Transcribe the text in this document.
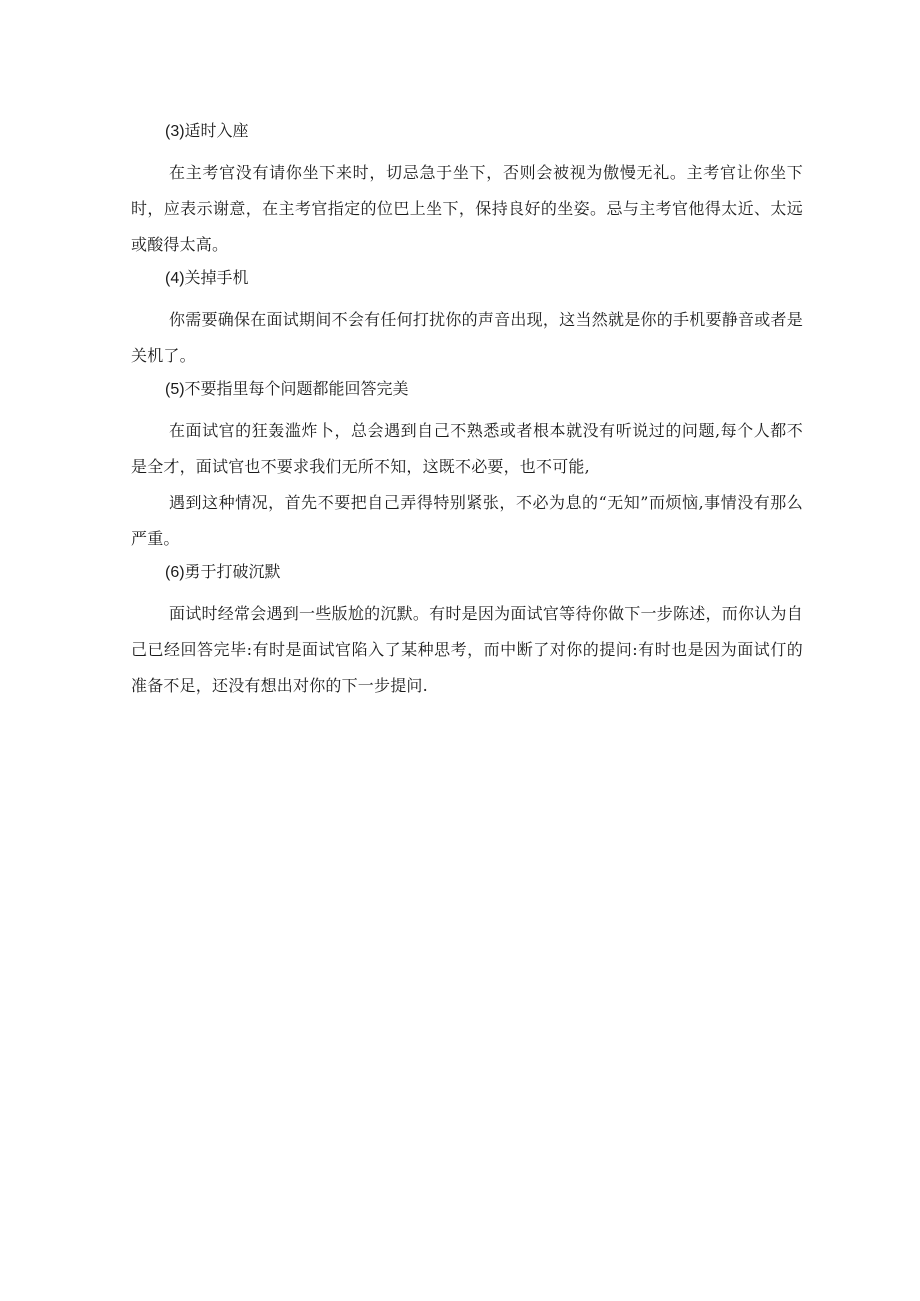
(3)适时入座

在主考官没有请你坐下来时，切忌急于坐下，否则会被视为傲慢无礼。主考官让你坐下时，应表示谢意，在主考官指定的位巴上坐下，保持良好的坐姿。忌与主考官他得太近、太远或酸得太高。

(4)关掉手机

你需要确保在面试期间不会有任何打扰你的声音出现，这当然就是你的手机要静音或者是关机了。

(5)不要指里每个问题都能回答完美

在面试官的狂轰滥炸卜，总会遇到自己不熟悉或者根本就没有听说过的问题,每个人都不是全才，面试官也不要求我们无所不知，这既不必要，也不可能,

遇到这种情况，首先不要把自己弄得特别紧张，不必为息的“无知”而烦恼,事情没有那么严重。

(6)勇于打破沉默

面试时经常会遇到一些版尬的沉默。有时是因为面试官等待你做下一步陈述，而你认为自己已经回答完毕:有时是面试官陷入了某种思考，而中断了对你的提问:有时也是因为面试仃的准备不足，还没有想出对你的下一步提问.
